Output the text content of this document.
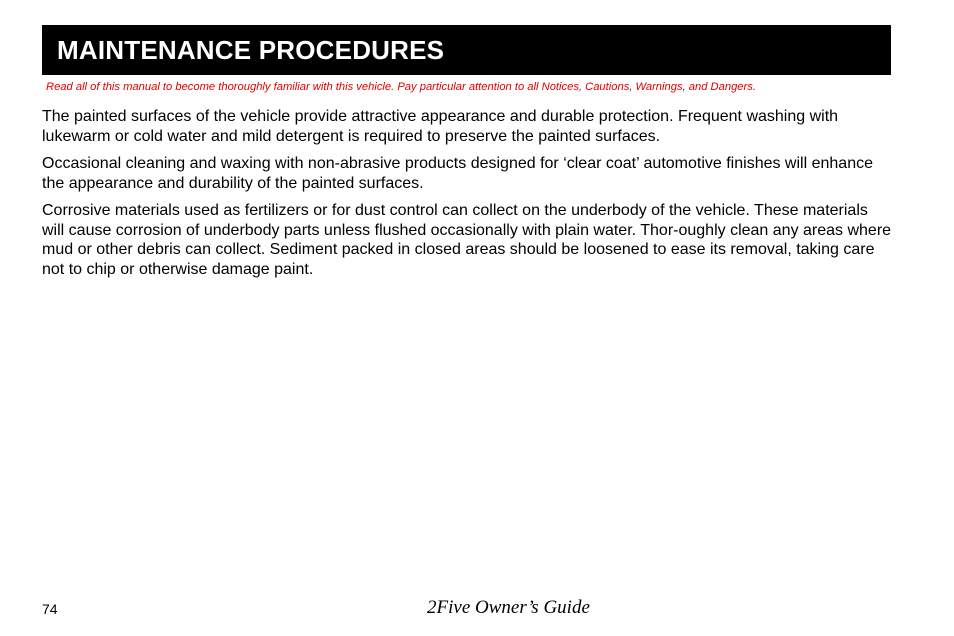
MAINTENANCE PROCEDURES
Read all of this manual to become thoroughly familiar with this vehicle. Pay particular attention to all Notices, Cautions, Warnings, and Dangers.

The painted surfaces of the vehicle provide attractive appearance and durable protection. Frequent washing with lukewarm or cold water and mild detergent is required to preserve the painted surfaces.

Occasional cleaning and waxing with non-abrasive products designed for ‘clear coat’ automotive finishes will enhance the appearance and durability of the painted surfaces.

Corrosive materials used as fertilizers or for dust control can collect on the underbody of the vehicle. These materials will cause corrosion of underbody parts unless flushed occasionally with plain water. Thor-oughly clean any areas where mud or other debris can collect. Sediment packed in closed areas should be loosened to ease its removal, taking care not to chip or otherwise damage paint.

74	2Five Owner’s Guide
